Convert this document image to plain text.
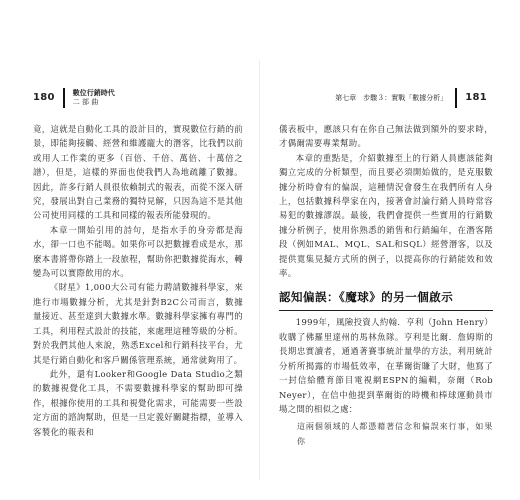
180	數位行銷時代
二 部 曲

竟，這就是自動化工具的設計目的，實現數位行銷的前景，即能夠接觸、經營和維護龐大的潛客，比我們以前或用人工作業的更多（百倍、千倍、萬倍、十萬倍之譜），但是，這樣的界面也使我們人為地疏離了數據。因此，許多行銷人員很依賴制式的報表，而從不深入研究，發展出對自己業務的獨特見解，只因為這不是其他公司使用同樣的工具和同樣的報表所能發現的。

本章一開始引用的詩句，是指水手的身旁都是海水，卻一口也不能喝。如果你可以把數據看成是水，那麼本書將帶你踏上一段旅程，幫助你把數據從海水，轉變為可以實際飲用的水。

《財星》1,000大公司有能力聘請數據科學家，來進行市場數據分析，尤其是針對B2C公司而言，數據量接近、甚至達到大數據水準。數據科學家擁有專門的工具，利用程式設計的技能，來處理這種等級的分析。對於我們其他人來說，熟悉Excel和行銷科技平台，尤其是行銷自動化和客戶關係管理系統，通常就夠用了。

此外，還有Looker和Google Data Studio之類的數據視覺化工具，不需要數據科學家的幫助即可操作，根據你使用的工具和視覺化需求，可能需要一些設定方面的諮詢幫助，但是一旦定義好關鍵指標，並導入客製化的報表和

第七章　步驟３：實戰「數據分析」 181

儀表板中，應該只有在你自己無法做到額外的要求時，才偶爾需要專業幫助。

本章的重點是，介紹數據至上的行銷人員應該能夠獨立完成的分析類型，而且要必須開始做的，是克服數據分析時會有的偏誤，這種情況會發生在我們所有人身上，包括數據科學家在內，接著會討論行銷人員時常容易犯的數據謬誤。最後，我們會提供一些實用的行銷數據分析例子，使用你熟悉的銷售和行銷編年，在潛客階段（例如MAL、MQL、SAL和SQL）經營潛客，以及提供寬集見擬方式所的例子，以提高你的行銷能效和效率。

認知偏誤：《魔球》的另一個啟示

1999年，風險投資人約翰．亨利（John Henry）收購了佛羅里達州的馬林魚隊。亨利是比爾．詹姆斯的長期忠實讀者，通過著賽事統計量學的方法，利用統計分析所揭露的市場低效率，在華爾街賺了大財，他寫了一封信給體育節目電視網ESPN的編輯，奈爾（Rob Neyer），在信中他提到華爾街的時機和棒球運動員市場之間的相似之處：

這兩個領域的人都憑藉著信念和偏誤來行事，如果你
